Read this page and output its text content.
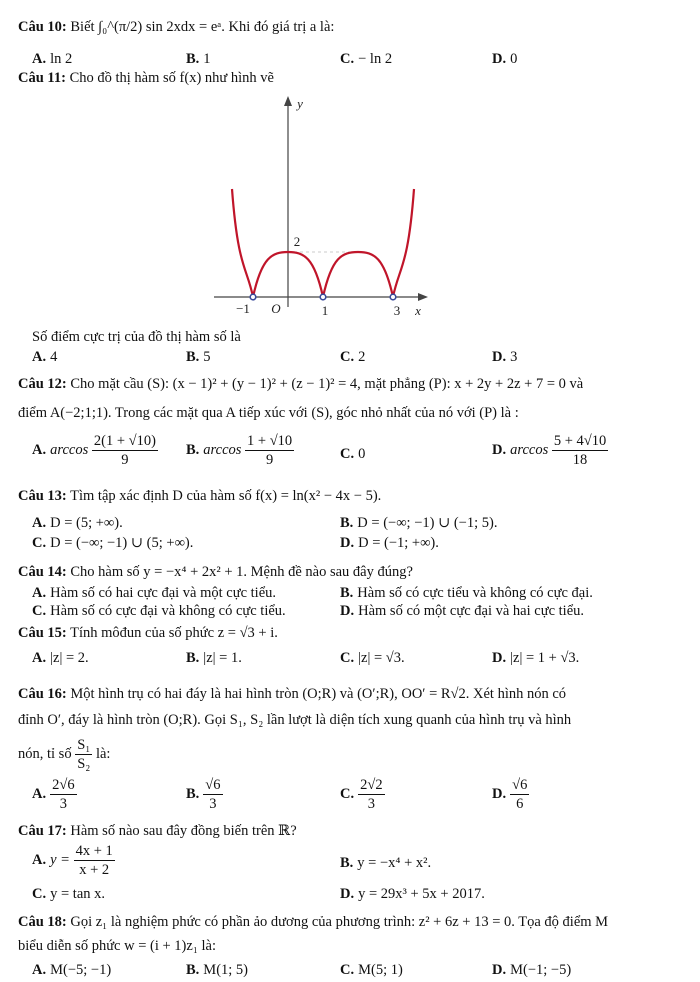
Câu 10: Biết ∫₀^(π/2) sin 2xdx = eᵃ. Khi đó giá trị a là:
A. ln 2	B. 1	C. − ln 2	D. 0
Câu 11: Cho đồ thị hàm số f(x) như hình vẽ
−1 O	1	3
2
x
y
Số điểm cực trị của đồ thị hàm số là
A. 4	B. 5	C. 2	D. 3
Câu 12: Cho mặt cầu (S): (x − 1)² + (y − 1)² + (z − 1)² = 4, mặt phẳng (P): x + 2y + 2z + 7 = 0 và
điểm A(−2;1;1). Trong các mặt qua A tiếp xúc với (S), góc nhỏ nhất của nó với (P) là :
A. $\arccos \frac{2(1 + √10)}{9} B$. $\arccos \frac{1 + √10}{9}$	C. 0	D. $\arccos \frac{5 + 4√10}{18}$
Câu 13: Tìm tập xác định D của hàm số f(x) = ln(x² − 4x − 5).
A. D = (5; +∞).	B. D = (−∞; −1) ∪ (−1; 5).
C. D = (−∞; −1) ∪ (5; +∞).	D. D = (−1; +∞).
Câu 14: Cho hàm số y = −x⁴ + 2x² + 1. Mệnh đề nào sau đây đúng?
A. Hàm số có hai cực đại và một cực tiểu.	B. Hàm số có cực tiểu và không có cực đại.
C. Hàm số có cực đại và không có cực tiểu.	D. Hàm số có một cực đại và hai cực tiểu.
Câu 15: Tính môđun của số phức z = √3 + i.
A. |z| = 2.	B. |z| = 1.	C. |z| = √3.	D. |z| = 1 + √3.
Câu 16: Một hình trụ có hai đáy là hai hình tròn (O;R) và (O′;R), OO′ = R√2. Xét hình nón có
đỉnh O′, đáy là hình tròn (O;R). Gọi S₁, S₂ lần lượt là diện tích xung quanh của hình trụ và hình
nón, tỉ số $\frac{\text{S₁}}{\text{S₂}}$ là:
A. $\frac{2√6}{3}$	B. $\frac{√6}{3}$	C. $\frac{2√2}{3}$	D. $\frac{√6}{6}$
Câu 17: Hàm số nào sau đây đồng biến trên ℝ?
A. $y = \frac{4x + 1}{x + 2}$	B. y = −x⁴ + x².
C. y = tan x.	D. y = 29x³ + 5x + 2017.
Câu 18: Gọi z₁ là nghiệm phức có phần ảo dương của phương trình: z² + 6z + 13 = 0. Tọa độ điểm M
biểu diễn số phức w = (i + 1)z₁ là:
A. M(−5; −1)	B. M(1; 5)	C. M(5; 1)	D. M(−1; −5)
